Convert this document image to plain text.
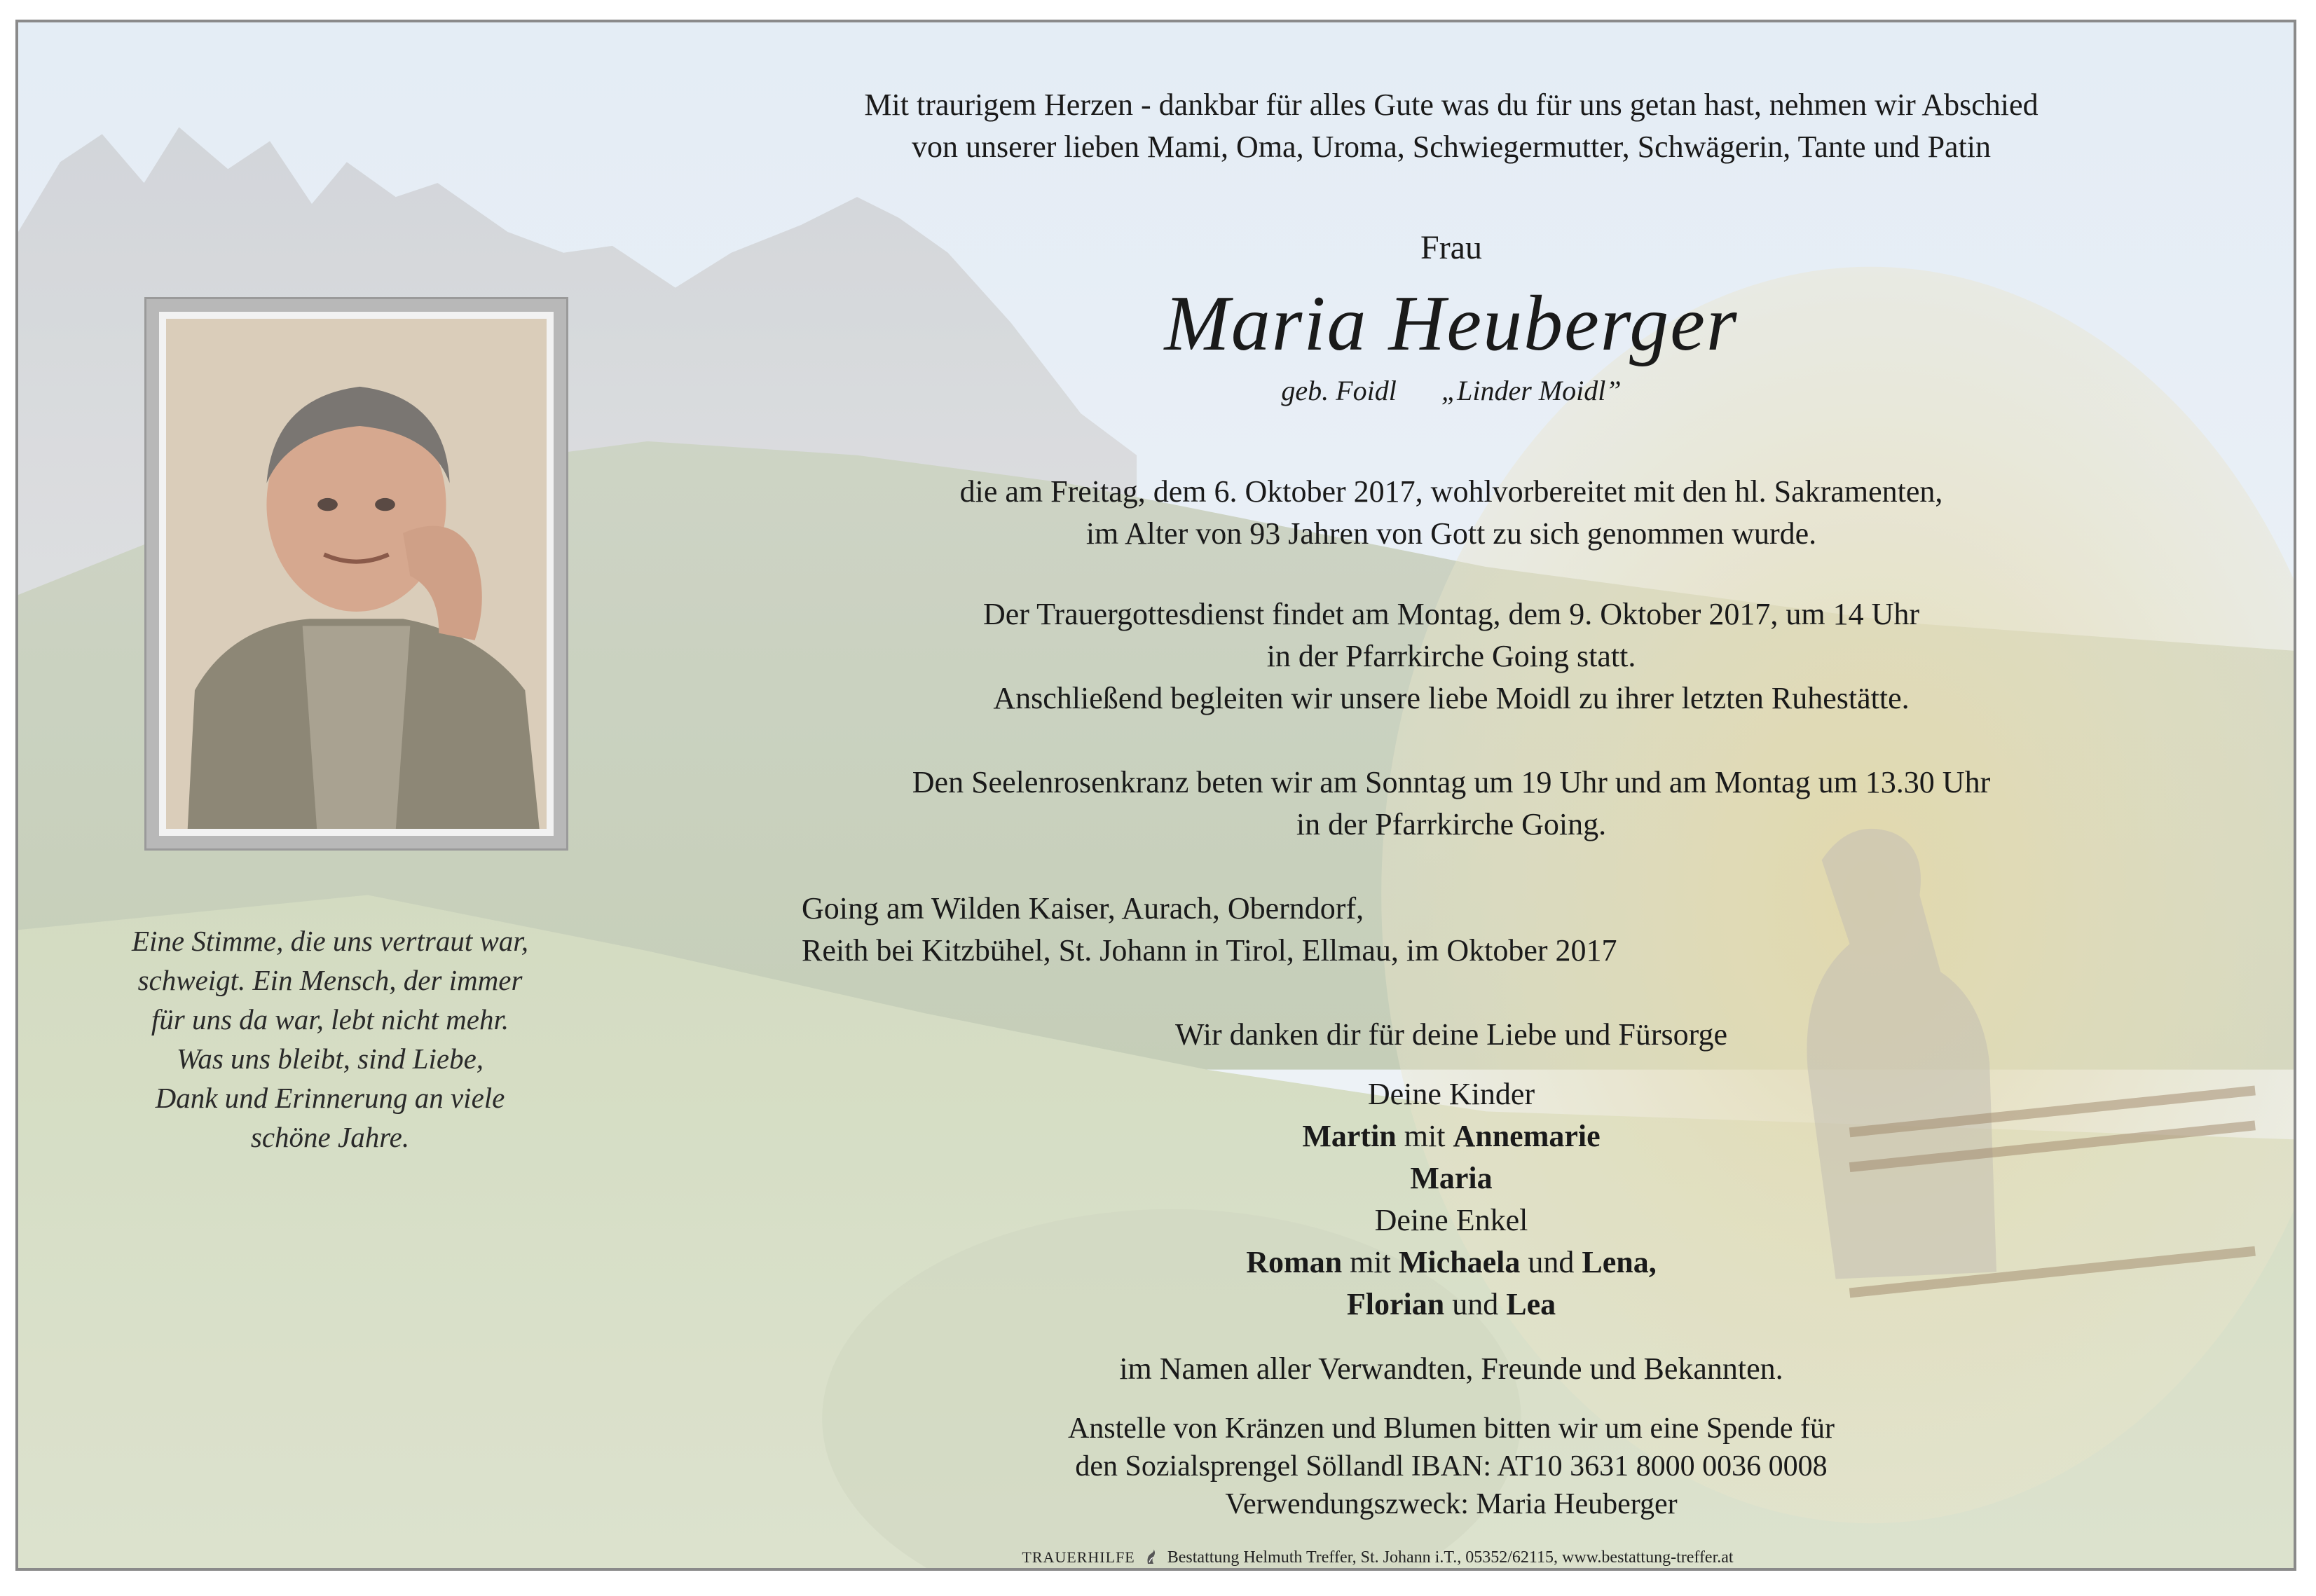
Eine Stimme, die uns vertraut war,
schweigt. Ein Mensch, der immer
für uns da war, lebt nicht mehr.
Was uns bleibt, sind Liebe,
Dank und Erinnerung an viele
schöne Jahre.
Mit traurigem Herzen - dankbar für alles Gute was du für uns getan hast, nehmen wir Abschied
von unserer lieben Mami, Oma, Uroma, Schwiegermutter, Schwägerin, Tante und Patin
Frau
Maria Heuberger
geb. Foidl „Linder Moidl”
die am Freitag, dem 6. Oktober 2017, wohlvorbereitet mit den hl. Sakramenten,
im Alter von 93 Jahren von Gott zu sich genommen wurde.
Der Trauergottesdienst findet am Montag, dem 9. Oktober 2017, um 14 Uhr
in der Pfarrkirche Going statt.
Anschließend begleiten wir unsere liebe Moidl zu ihrer letzten Ruhestätte.
Den Seelenrosenkranz beten wir am Sonntag um 19 Uhr und am Montag um 13.30 Uhr
in der Pfarrkirche Going.
Going am Wilden Kaiser, Aurach, Oberndorf,
Reith bei Kitzbühel, St. Johann in Tirol, Ellmau, im Oktober 2017
Wir danken dir für deine Liebe und Fürsorge
Deine Kinder
Martin mit Annemarie
Maria
Deine Enkel
Roman mit Michaela und Lena,
Florian und Lea
im Namen aller Verwandten, Freunde und Bekannten.
Anstelle von Kränzen und Blumen bitten wir um eine Spende für
den Sozialsprengel Söllandl IBAN: AT10 3631 8000 0036 0008
Verwendungszweck: Maria Heuberger
TRAUERHILFE Bestattung Helmuth Treffer, St. Johann i.T., 05352/62115, www.bestattung-treffer.at
